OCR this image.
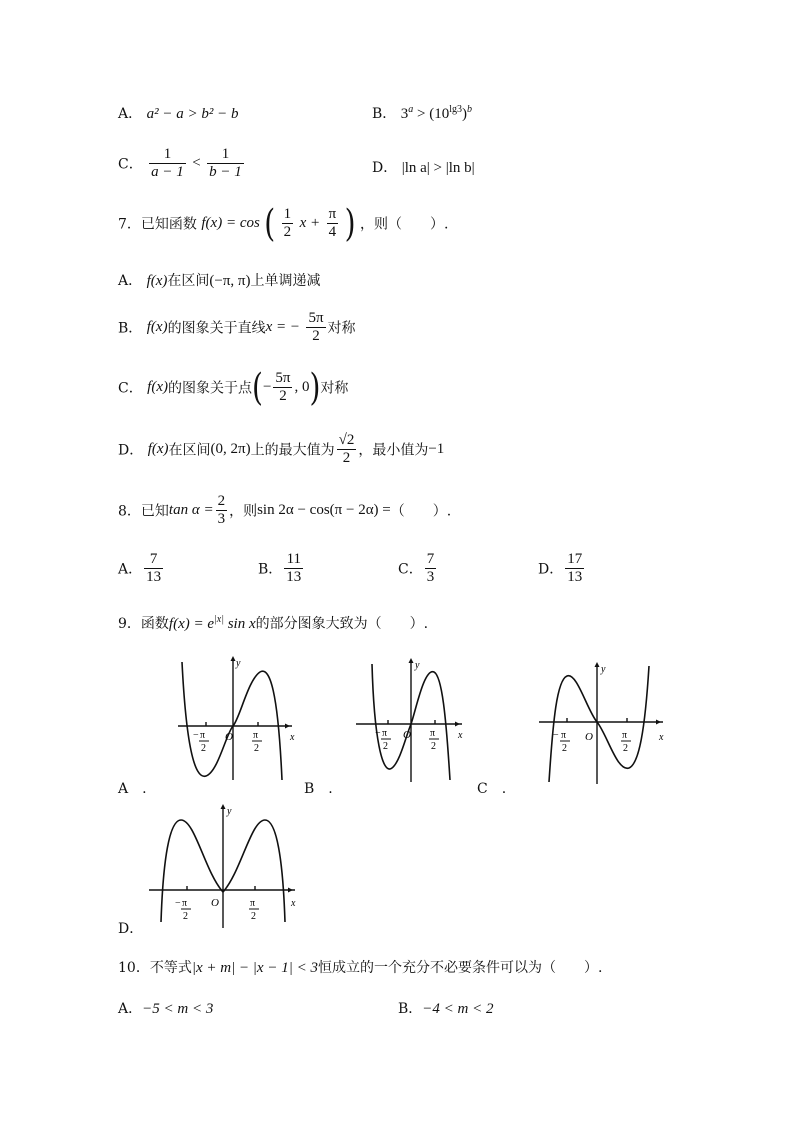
A． a² − a > b² − b	B． $3^a > (10^{lg3})^b$
C． $\frac{1}{a - 1} < \frac{1}{b - 1}$	D． |ln a| > |ln b|
7．已知函数 f(x) = cos ( $\frac{1}{2}$ $x + \frac{\pi}{4}$ ) ，则（　　）.
A． f(x)在区间(−π, π)上单调递减
B． f(x)的图象关于直线x = − $\frac{5\pi}{2}$ 对称
C． f(x)的图象关于点(− $\frac{5\pi}{2}$ , 0)对称
D． f(x)在区间(0, 2π)上的最大值为 $\frac{√2}{2}$ ，最小值为−1
8．已知$\tan \alpha = \frac{2}{3}$ ，则sin 2α − cos(π − 2α) =（　　）.
A． $\frac{7}{13}$	B． $\frac{11}{13}$	C． $\frac{7}{3}$	D． $\frac{17}{13}$
9．函数$f(x) = e^{|x|}$ sin x的部分图象大致为（　　）.
y
x
O
− π
2
π
2
A　.
y
x
O
− π
2
π
2
B　.
y
x
O
− π
2
π
2
C　.
y
x
O
− π
2
π
2
D．
10．不等式|x + m| − |x − 1| < 3恒成立的一个充分不必要条件可以为（　　）.
A．−5 < m < 3	B．−4 < m < 2
